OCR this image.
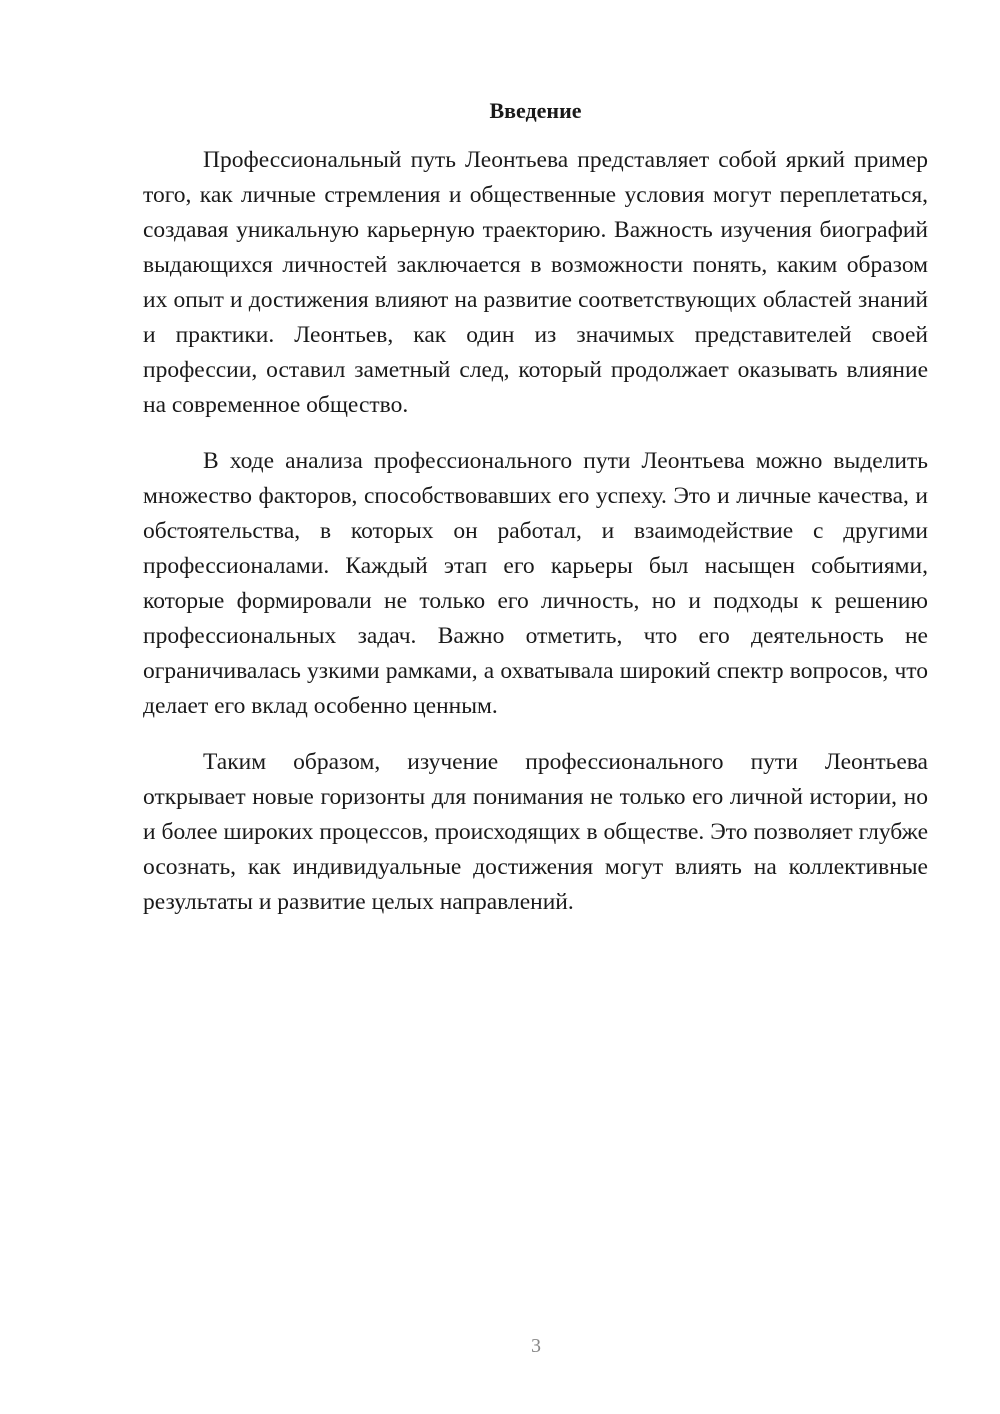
Введение

Профессиональный путь Леонтьева представляет собой яркий пример того, как личные стремления и общественные условия могут переплетаться, создавая уникальную карьерную траекторию. Важность изучения биографий выдающихся личностей заключается в возможности понять, каким образом их опыт и достижения влияют на развитие соответствующих областей знаний и практики. Леонтьев, как один из значимых представителей своей профессии, оставил заметный след, который продолжает оказывать влияние на современное общество.

В ходе анализа профессионального пути Леонтьева можно выделить множество факторов, способствовавших его успеху. Это и личные качества, и обстоятельства, в которых он работал, и взаимодействие с другими профессионалами. Каждый этап его карьеры был насыщен событиями, которые формировали не только его личность, но и подходы к решению профессиональных задач. Важно отметить, что его деятельность не ограничивалась узкими рамками, а охватывала широкий спектр вопросов, что делает его вклад особенно ценным.

Таким образом, изучение профессионального пути Леонтьева открывает новые горизонты для понимания не только его личной истории, но и более широких процессов, происходящих в обществе. Это позволяет глубже осознать, как индивидуальные достижения могут влиять на коллективные результаты и развитие целых направлений.

3
